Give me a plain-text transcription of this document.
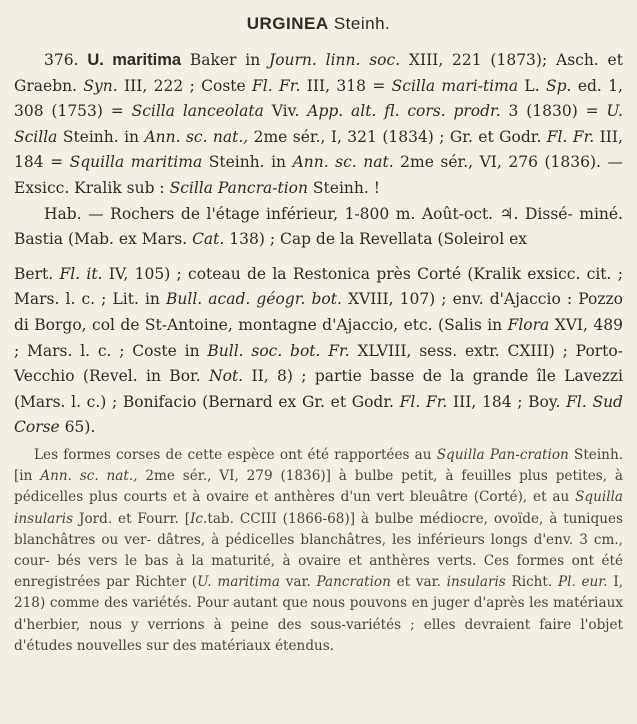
URGINEA Steinh.

376. U. maritima Baker in Journ. linn. soc. XIII, 221 (1873); Asch. et Graebn. Syn. III, 222 ; Coste Fl. Fr. III, 318 = Scilla mari-tima L. Sp. ed. 1, 308 (1753) = Scilla lanceolata Viv. App. alt. fl. cors. prodr. 3 (1830) = U. Scilla Steinh. in Ann. sc. nat., 2me sér., I, 321 (1834) ; Gr. et Godr. Fl. Fr. III, 184 = Squilla maritima Steinh. in Ann. sc. nat. 2me sér., VI, 276 (1836). — Exsicc. Kralik sub : Scilla Pancra-tion Steinh. !

Hab. — Rochers de l'étage inférieur, 1-800 m. Août-oct. ♃. Dissé- miné. Bastia (Mab. ex Mars. Cat. 138) ; Cap de la Revellata (Soleirol ex

Bert. Fl. it. IV, 105) ; coteau de la Restonica près Corté (Kralik exsicc. cit. ; Mars. l. c. ; Lit. in Bull. acad. géogr. bot. XVIII, 107) ; env. d'Ajaccio : Pozzo di Borgo, col de St-Antoine, montagne d'Ajaccio, etc. (Salis in Flora XVI, 489 ; Mars. l. c. ; Coste in Bull. soc. bot. Fr. XLVIII, sess. extr. CXIII) ; Porto-Vecchio (Revel. in Bor. Not. II, 8) ; partie basse de la grande île Lavezzi (Mars. l. c.) ; Bonifacio (Bernard ex Gr. et Godr. Fl. Fr. III, 184 ; Boy. Fl. Sud Corse 65).

Les formes corses de cette espèce ont été rapportées au Squilla Pan-cration Steinh. [in Ann. sc. nat., 2me sér., VI, 279 (1836)] à bulbe petit, à feuilles plus petites, à pédicelles plus courts et à ovaire et anthères d'un vert bleuâtre (Corté), et au Squilla insularis Jord. et Fourr. [Ic.tab. CCIII (1866-68)] à bulbe médiocre, ovoïde, à tuniques blanchâtres ou ver- dâtres, à pédicelles blanchâtres, les inférieurs longs d'env. 3 cm., cour- bés vers le bas à la maturité, à ovaire et anthères verts. Ces formes ont été enregistrées par Richter (U. maritima var. Pancration et var. insularis Richt. Pl. eur. I, 218) comme des variétés. Pour autant que nous pouvons en juger d'après les matériaux d'herbier, nous y verrions à peine des sous-variétés ; elles devraient faire l'objet d'études nouvelles sur des matériaux étendus.
